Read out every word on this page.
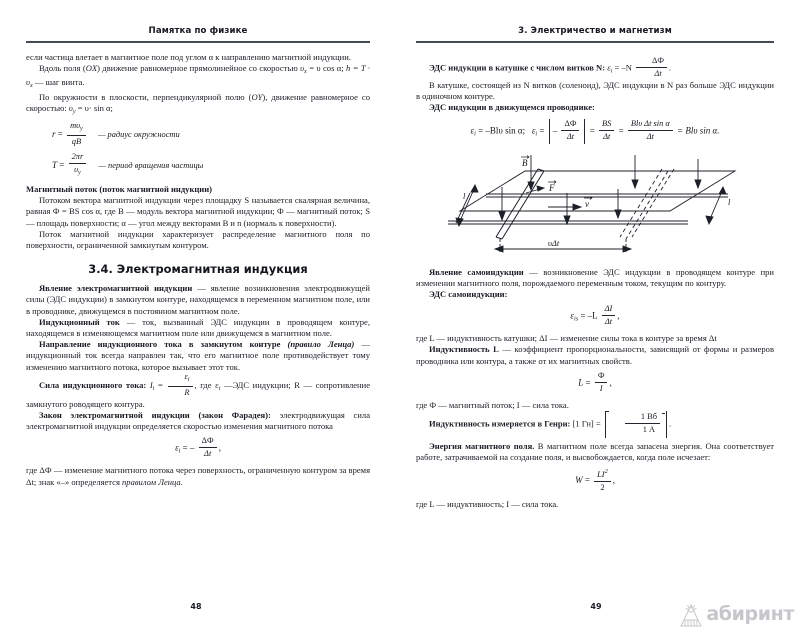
Памятка по физике

если частица влетает в магнитное поле под углом α к направлению магнитной индукции.

Вдоль поля (OX) движение равномерное прямолинейное со скоростью $\upsilon_x = \upsilon$ cos α; $h = T \cdot \upsilon_x$ — шаг винта.

По окружности в плоскости, перпендикулярной полю (OY), движение равномерное со скоростью: $\upsilon_y = \upsilon\cdot \sin \alpha$;

$r = \frac{m\upsilon_y}{qB}$ — радиус окружности
$T = \frac{2\pi r}{\upsilon_y}$ — период вращения частицы

Магнитный поток (поток магнитной индукции)

Потоком вектора магнитной индукции через площадку S называется скалярная величина, равная Ф = BS cos α, где B — модуль вектора магнитной индукции; Ф — магнитный поток; S — площадь поверхности; α — угол между векторами B и n (нормаль к поверхности).

Поток магнитной индукции характеризует распределение магнитного поля по поверхности, ограниченной замкнутым контуром.

3.4. Электромагнитная индукция

Явление электромагнитной индукции — явление возникновения электродвижущей силы (ЭДС индукции) в замкнутом контуре, находящемся в переменном магнитном поле, или в проводнике, движущемся в постоянном магнитном поле.

Индукционный ток — ток, вызванный ЭДС индукции в проводящем контуре, находящемся в изменяющемся магнитном поле или движущемся в магнитном поле.

Направление индукционного тока в замкнутом контуре (правило Ленца) — индукционный ток всегда направлен так, что его магнитное поле противодействует тому изменению магнитного потока, которое вызывает этот ток.

Сила индукционного тока: $I_i = \frac{\varepsilon_i}{R}$ , где $\varepsilon_i$ —ЭДС индукции; R — сопротивление замкнутого роводящего контура.

Закон электромагнитной индукции (закон Фарадея): электродвижущая сила электромагнитной индукции определяется скоростью изменения магнитного потока

$\varepsilon_i$ = – $\frac{\Delta Ф}{\Delta t}$ ,

где ΔФ — изменение магнитного потока через поверхность, ограниченную контуром за время Δt; знак «–» определяется правилом Ленца.

48
3. Электричество и магнетизм

ЭДС индукции в катушке с числом витков N: $\varepsilon_i = -N \frac{\Delta Ф}{\Delta t}$ .

В катушке, состоящей из N витков (соленоид), ЭДС индукции в N раз больше ЭДС индукции в одиночном контуре.

ЭДС индукции в движущемся проводнике:

$\varepsilon_i = -Bl\upsilon$ sin α; $\varepsilon_i$ = – $\frac{\Delta Ф}{\Delta t} = \frac{BS}{\Delta t} = \frac{\text{Blυ Δt sin α}}{\Delta t} = Bl\upsilon$ sin α.
B
F
v
l
l
υΔt

Явление самоиндукции — возникновение ЭДС индукции в проводящем контуре при изменении магнитного поля, порождаемого переменным током, текущим по контуру.

ЭДС самоиндукции:

$\varepsilon_{is} = -L \frac{\Delta I}{\Delta t}$ ,

где L — индуктивность катушки; ΔI — изменение силы тока в контуре за время Δt

Индуктивность L — коэффициент пропорциональности, зависящий от формы и размеров проводника или контура, а также от их магнитных свойств.

$L = \frac{Ф}{I}$ ,

где Ф — магнитный поток; I — сила тока.

Индуктивность измеряется в Генри: [1 Гн] =	$\frac{1 Вб}{1 А}$ .

Энергия магнитного поля. В магнитном поле всегда запасена энергия. Она соответствует работе, затрачиваемой на создание поля, и высвобождается, когда поле исчезает:

$W = \frac{LI^2}{2}$ ,

где L — индуктивность; I — сила тока.

49	абиринт
